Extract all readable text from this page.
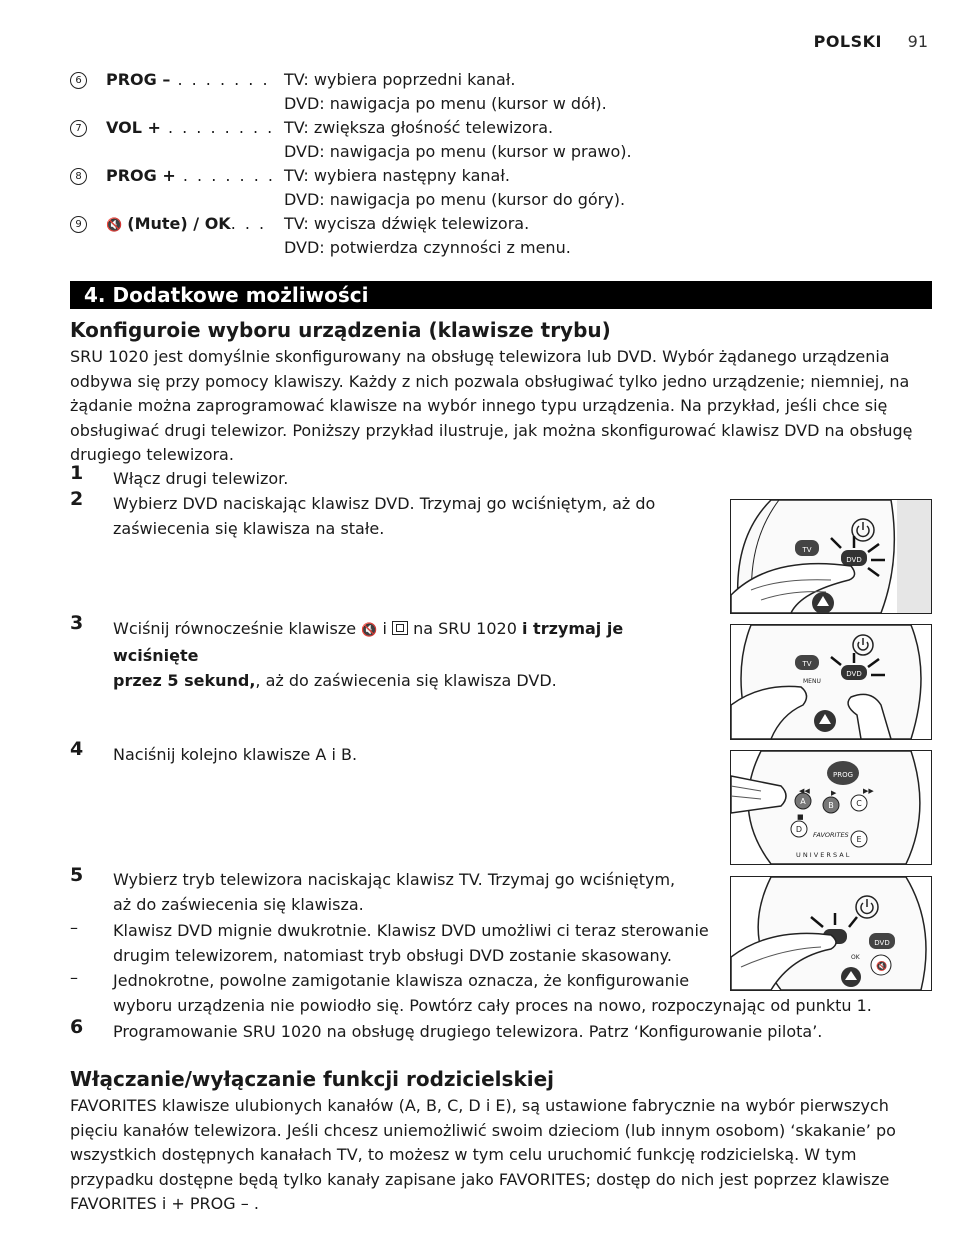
POLSKI 91
6	PROG – . . . . . . . TV: wybiera poprzedni kanał.
DVD: nawigacja po menu (kursor w dół).
7	VOL + . . . . . . . . TV: zwiększa głośność telewizora.
DVD: nawigacja po menu (kursor w prawo).
8	PROG + . . . . . . . TV: wybiera następny kanał.
DVD: nawigacja po menu (kursor do góry).
9	🔇 (Mute) / OK. . . TV: wycisza dźwięk telewizora.
DVD: potwierdza czynności z menu.
4. Dodatkowe możliwości
Konfiguroie wyboru urządzenia (klawisze trybu)
SRU 1020 jest domyślnie skonfigurowany na obsługę telewizora lub DVD. Wybór żądanego urządzenia odbywa się przy pomocy klawiszy. Każdy z nich pozwala obsługiwać tylko jedno urządzenie; niemniej, na żądanie można zaprogramować klawisze na wybór innego typu urządzenia. Na przykład, jeśli chce się obsługiwać drugi telewizor. Poniższy przykład ilustruje, jak można skonfigurować klawisz DVD na obsługę drugiego telewizora.
1 Włącz drugi telewizor.
2 Wybierz DVD naciskając klawisz DVD. Trzymaj go wciśniętym, aż do
zaświecenia się klawisza na stałe.
3 Wciśnij równocześnie klawisze 🔇 i na SRU 1020 i trzymaj je wciśnięte
przez 5 sekund,, aż do zaświecenia się klawisza DVD.
4 Naciśnij kolejno klawisze A i B.
5 Wybierz tryb telewizora naciskając klawisz TV. Trzymaj go wciśniętym,
aż do zaświecenia się klawisza.
– Klawisz DVD mignie dwukrotnie. Klawisz DVD umożliwi ci teraz sterowanie
drugim telewizorem, natomiast tryb obsługi DVD zostanie skasowany.
– Jednokrotne, powolne zamigotanie klawisza oznacza, że konfigurowanie
wyboru urządzenia nie powiodło się. Powtórz cały proces na nowo, rozpoczynając od punktu 1.
6 Programowanie SRU 1020 na obsługę drugiego telewizora. Patrz ‘Konfigurowanie pilota’.
Włączanie/wyłączanie funkcji rodzicielskiej
FAVORITES klawisze ulubionych kanałów (A, B, C, D i E), są ustawione fabrycznie na wybór pierwszych pięciu kanałów telewizora. Jeśli chcesz uniemożliwić swoim dzieciom (lub innym osobom) ‘skakanie’ po wszystkich dostępnych kanałach TV, to możesz w tym celu uruchomić funkcję rodzicielską. W tym przypadku dostępne będą tylko kanały zapisane jako FAVORITES; dostęp do nich jest poprzez klawisze FAVORITES i + PROG – .
TV
DVD
TV
MENU
DVD
PROG
A	B	C
D
E
FAVORITES
U N I V E R S A L
◀◀	▶	▶▶
■
DVD
OK
🔇
